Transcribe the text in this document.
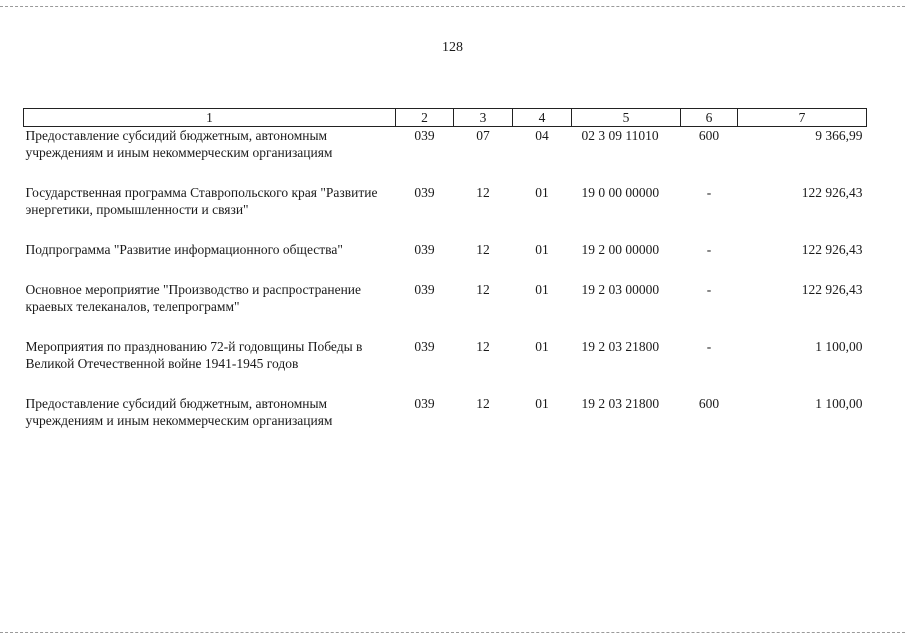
128
1	2	3	4	5	6	7
Предоставление субсидий бюджетным, автономным учреждениям и иным некоммерческим организациям	039	07	04	02 3 09 11010	600	9 366,99
Государственная программа Ставропольского края "Развитие энергетики, промышленности и связи"	039	12	01	19 0 00 00000	-	122 926,43
Подпрограмма "Развитие информационного общества"	039	12	01	19 2 00 00000	-	122 926,43
Основное мероприятие "Производство и распространение краевых телеканалов, телепрограмм"	039	12	01	19 2 03 00000	-	122 926,43
Мероприятия по празднованию 72-й годовщины Победы в Великой Отечественной войне 1941-1945 годов	039	12	01	19 2 03 21800	-	1 100,00
Предоставление субсидий бюджетным, автономным учреждениям и иным некоммерческим организациям	039	12	01	19 2 03 21800	600	1 100,00
